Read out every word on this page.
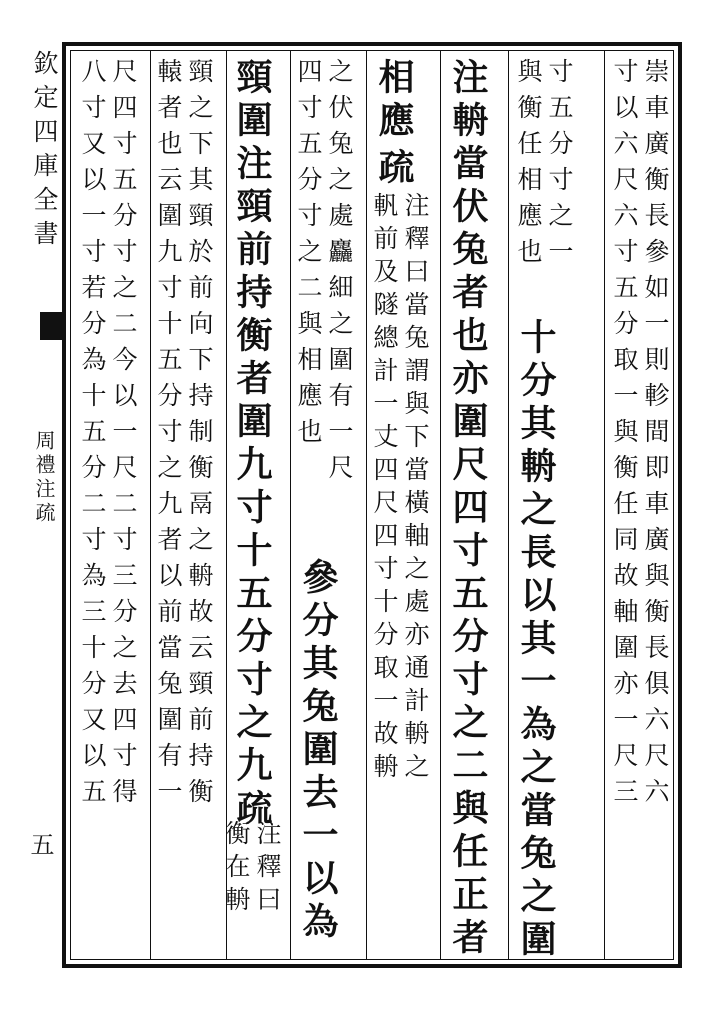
欽定四庫全書
周禮注疏
五
崇車廣衡長參如一則軫間即車廣與衡長俱六尺六
寸以六尺六寸五分取一與衡任同故軸圍亦一尺三
寸五分寸之一
與衡任相應也
十分其輈之長以其一為之當兔之圍
注輈當伏兔者也亦圍尺四寸五分寸之二與任正者
相應
疏
注釋曰當兔謂與下當橫軸之處亦通計輈之
軓前及隧總計一丈四尺四寸十分取一故輈
之伏兔之處麤細之圍有一尺
四寸五分寸之二與相應也
參分其兔圍去一以為
頸圍注頸前持衡者圍九寸十五分寸之九疏
注釋曰
衡在輈
頸之下其頸於前向下持制衡鬲之輈故云頸前持衡
轅者也云圍九寸十五分寸之九者以前當兔圍有一
尺四寸五分寸之二今以一尺二寸三分之去四寸得
八寸又以一寸若分為十五分二寸為三十分又以五
